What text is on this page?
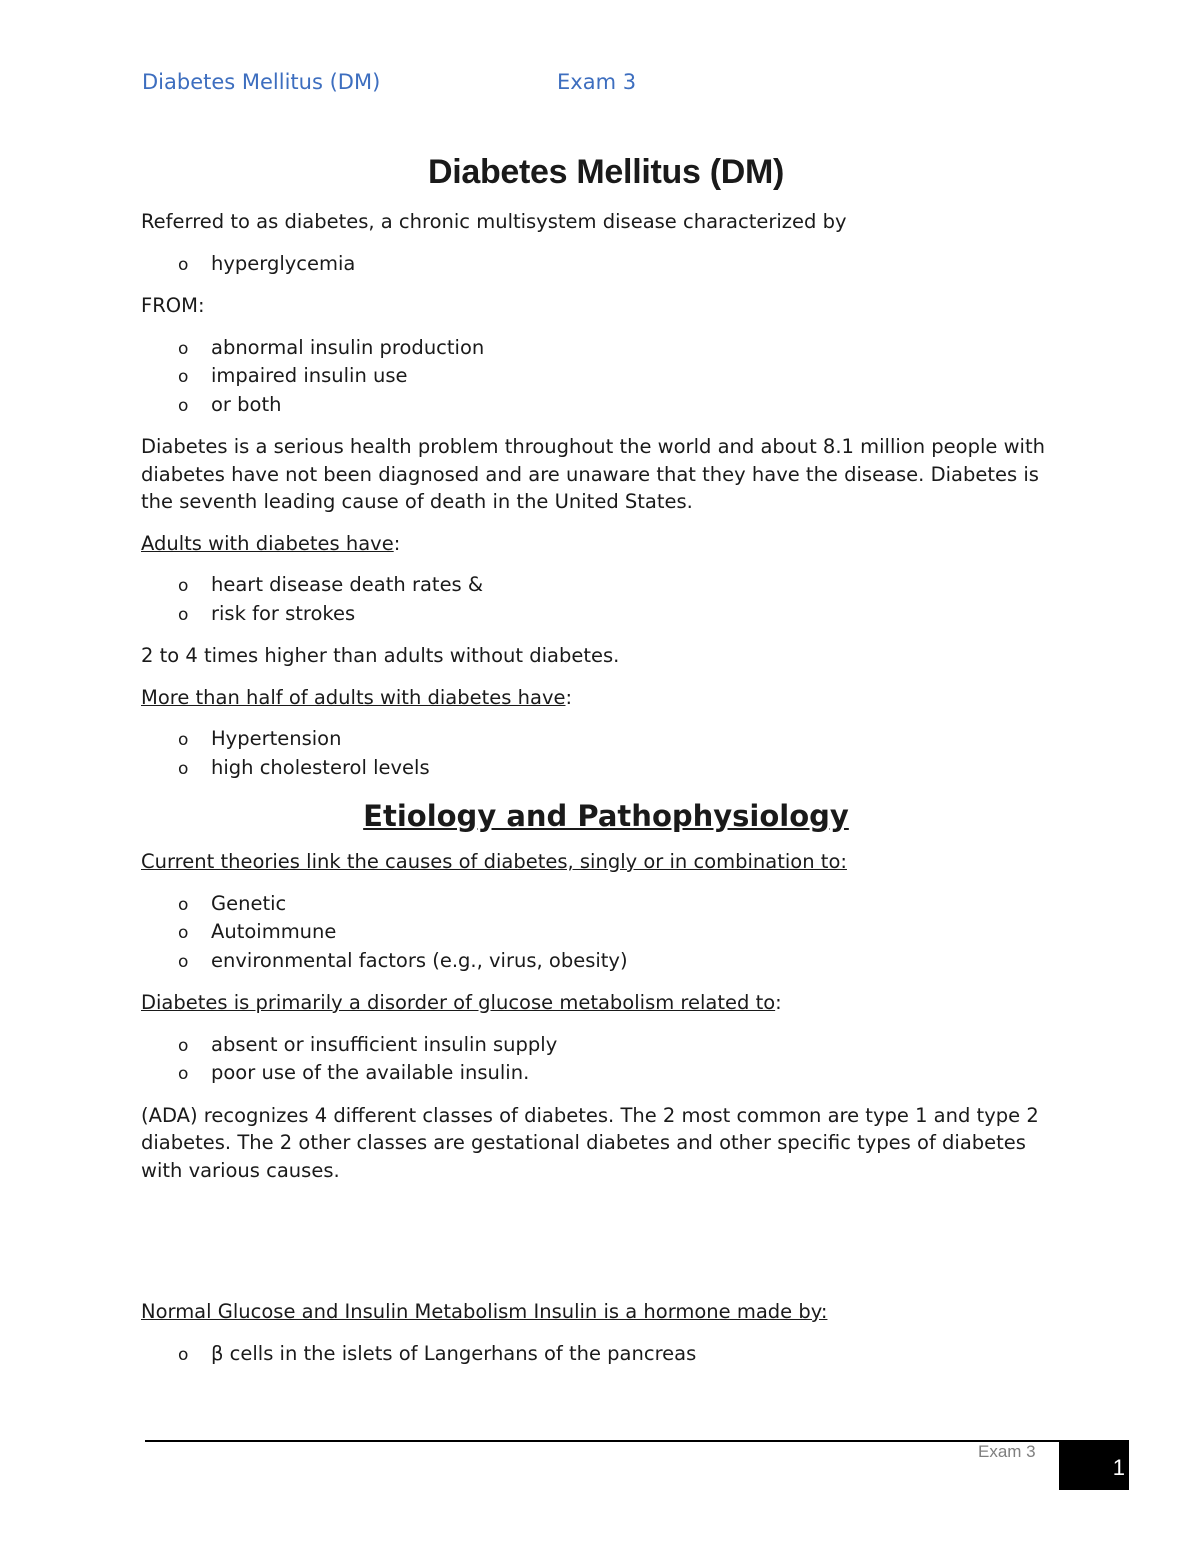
Diabetes Mellitus (DM)	Exam 3
Diabetes Mellitus (DM)

Referred to as diabetes, a chronic multisystem disease characterized by

o hyperglycemia

FROM:

o abnormal insulin production
o impaired insulin use
o or both

Diabetes is a serious health problem throughout the world and about 8.1 million people with diabetes have not been diagnosed and are unaware that they have the disease. Diabetes is the seventh leading cause of death in the United States.

Adults with diabetes have:

o heart disease death rates &
o risk for strokes

2 to 4 times higher than adults without diabetes.

More than half of adults with diabetes have:

o Hypertension
o high cholesterol levels
Etiology and Pathophysiology

Current theories link the causes of diabetes, singly or in combination to:

o Genetic
o Autoimmune
o environmental factors (e.g., virus, obesity)

Diabetes is primarily a disorder of glucose metabolism related to:

o absent or insufficient insulin supply
o poor use of the available insulin.

(ADA) recognizes 4 different classes of diabetes. The 2 most common are type 1 and type 2 diabetes. The 2 other classes are gestational diabetes and other specific types of diabetes with various causes.

Normal Glucose and Insulin Metabolism Insulin is a hormone made by:

o β cells in the islets of Langerhans of the pancreas
Exam 3
1
